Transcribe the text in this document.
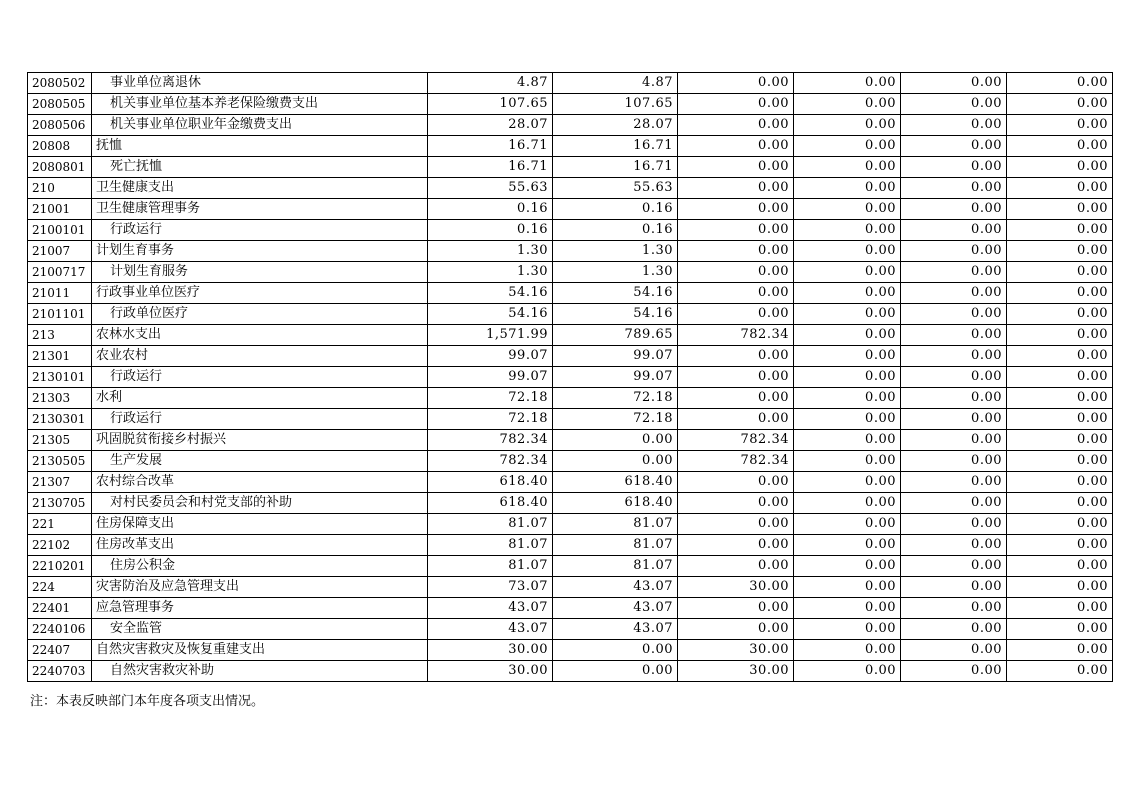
2080502	事业单位离退休	4.87	4.87	0.00	0.00	0.00	0.00
2080505	机关事业单位基本养老保险缴费支出	107.65	107.65	0.00	0.00	0.00	0.00
2080506	机关事业单位职业年金缴费支出	28.07	28.07	0.00	0.00	0.00	0.00
20808	抚恤	16.71	16.71	0.00	0.00	0.00	0.00
2080801	死亡抚恤	16.71	16.71	0.00	0.00	0.00	0.00
210	卫生健康支出	55.63	55.63	0.00	0.00	0.00	0.00
21001	卫生健康管理事务	0.16	0.16	0.00	0.00	0.00	0.00
2100101	行政运行	0.16	0.16	0.00	0.00	0.00	0.00
21007	计划生育事务	1.30	1.30	0.00	0.00	0.00	0.00
2100717	计划生育服务	1.30	1.30	0.00	0.00	0.00	0.00
21011	行政事业单位医疗	54.16	54.16	0.00	0.00	0.00	0.00
2101101	行政单位医疗	54.16	54.16	0.00	0.00	0.00	0.00
213	农林水支出	1,571.99	789.65	782.34	0.00	0.00	0.00
21301	农业农村	99.07	99.07	0.00	0.00	0.00	0.00
2130101	行政运行	99.07	99.07	0.00	0.00	0.00	0.00
21303	水利	72.18	72.18	0.00	0.00	0.00	0.00
2130301	行政运行	72.18	72.18	0.00	0.00	0.00	0.00
21305	巩固脱贫衔接乡村振兴	782.34	0.00	782.34	0.00	0.00	0.00
2130505	生产发展	782.34	0.00	782.34	0.00	0.00	0.00
21307	农村综合改革	618.40	618.40	0.00	0.00	0.00	0.00
2130705	对村民委员会和村党支部的补助	618.40	618.40	0.00	0.00	0.00	0.00
221	住房保障支出	81.07	81.07	0.00	0.00	0.00	0.00
22102	住房改革支出	81.07	81.07	0.00	0.00	0.00	0.00
2210201	住房公积金	81.07	81.07	0.00	0.00	0.00	0.00
224	灾害防治及应急管理支出	73.07	43.07	30.00	0.00	0.00	0.00
22401	应急管理事务	43.07	43.07	0.00	0.00	0.00	0.00
2240106	安全监管	43.07	43.07	0.00	0.00	0.00	0.00
22407	自然灾害救灾及恢复重建支出	30.00	0.00	30.00	0.00	0.00	0.00
2240703	自然灾害救灾补助	30.00	0.00	30.00	0.00	0.00	0.00
注：本表反映部门本年度各项支出情况。
